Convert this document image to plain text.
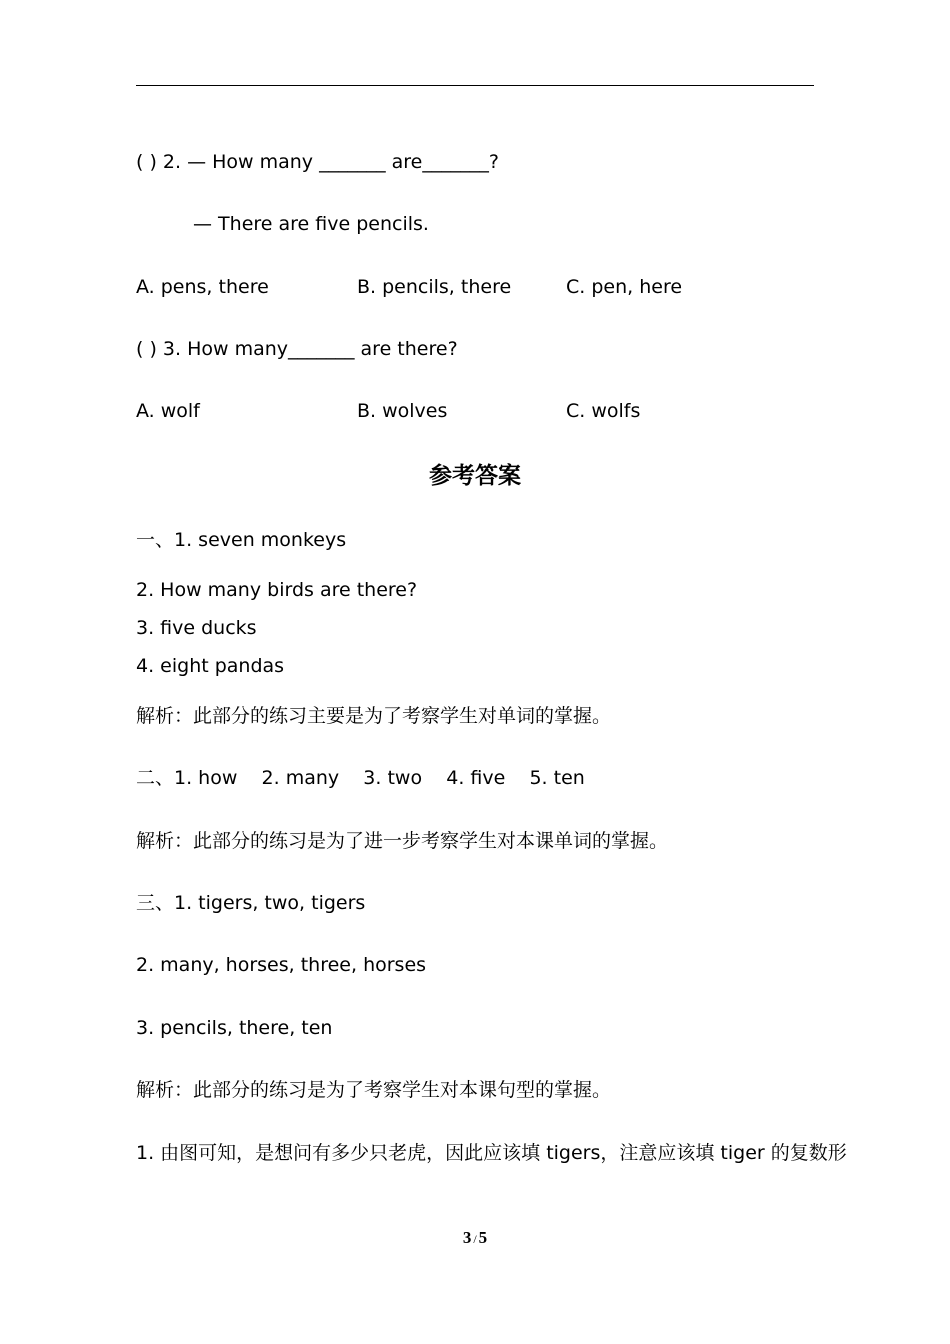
( ) 2. — How many _______ are_______?
— There are five pencils.
A. pens, there	B. pencils, there	C. pen, here
( ) 3. How many_______ are there?
A. wolf	B. wolves	C. wolfs
参考答案
一、1. seven monkeys
2. How many birds are there?
3. five ducks
4. eight pandas
解析：此部分的练习主要是为了考察学生对单词的掌握。
二、1. how    2. many    3. two    4. five    5. ten
解析：此部分的练习是为了进一步考察学生对本课单词的掌握。
三、1. tigers, two, tigers
2. many, horses, three, horses
3. pencils, there, ten
解析：此部分的练习是为了考察学生对本课句型的掌握。
1. 由图可知，是想问有多少只老虎，因此应该填 tigers，注意应该填 tiger 的复数形
3 / 5
